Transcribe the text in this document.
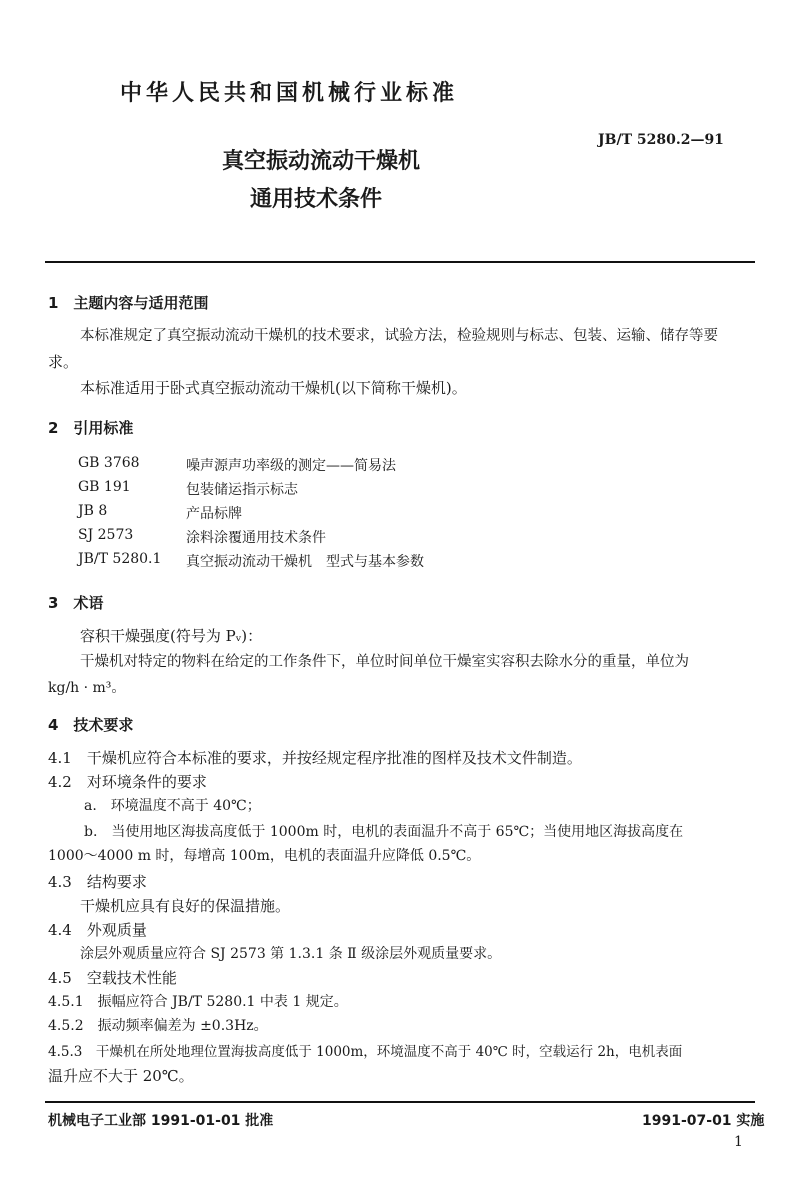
中华人民共和国机械行业标准
JB/T 5280.2—91
真空振动流动干燥机
通用技术条件
1　主题内容与适用范围
本标准规定了真空振动流动干燥机的技术要求，试验方法，检验规则与标志、包装、运输、储存等要
求。
本标准适用于卧式真空振动流动干燥机(以下简称干燥机)。
2　引用标准
GB 3768	噪声源声功率级的测定——简易法
GB 191	包装储运指示标志
JB 8	产品标牌
SJ 2573	涂料涂覆通用技术条件
JB/T 5280.1 真空振动流动干燥机　型式与基本参数
3　术语
容积干燥强度(符号为 Pᵥ)：
干燥机对特定的物料在给定的工作条件下，单位时间单位干燥室实容积去除水分的重量，单位为
kg/h · m³。
4　技术要求
4.1　干燥机应符合本标准的要求，并按经规定程序批准的图样及技术文件制造。
4.2　对环境条件的要求
a.　环境温度不高于 40℃；
b.　当使用地区海拔高度低于 1000m 时，电机的表面温升不高于 65℃；当使用地区海拔高度在
1000～4000 m 时，每增高 100m，电机的表面温升应降低 0.5℃。
4.3　结构要求
干燥机应具有良好的保温措施。
4.4　外观质量
涂层外观质量应符合 SJ 2573 第 1.3.1 条 Ⅱ 级涂层外观质量要求。
4.5　空载技术性能
4.5.1　振幅应符合 JB/T 5280.1 中表 1 规定。
4.5.2　振动频率偏差为 ±0.3Hz。
4.5.3　干燥机在所处地理位置海拔高度低于 1000m，环境温度不高于 40℃ 时，空载运行 2h，电机表面
温升应不大于 20℃。
机械电子工业部 1991-01-01 批准	1991-07-01 实施
1
